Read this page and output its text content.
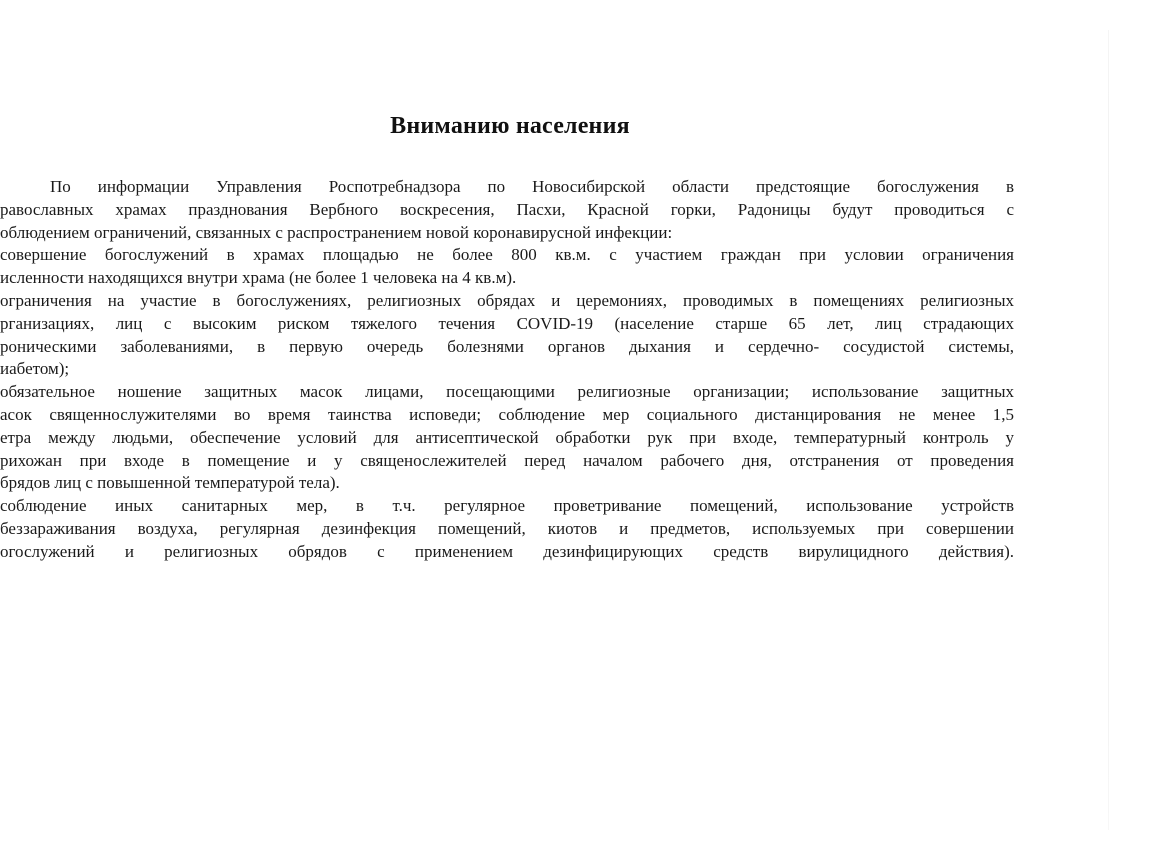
Вниманию населения
По информации Управления Роспотребнадзора по Новосибирской области предстоящие богослужения в
равославных храмах празднования Вербного воскресения, Пасхи, Красной горки, Радоницы будут проводиться с
облюдением ограничений, связанных с распространением новой коронавирусной инфекции:
совершение богослужений в храмах площадью не более 800 кв.м. с участием граждан при условии ограничения
исленности находящихся внутри храма (не более 1 человека на 4 кв.м).
ограничения на участие в богослужениях, религиозных обрядах и церемониях, проводимых в помещениях религиозных
рганизациях, лиц с высоким риском тяжелого течения COVID-19 (население старше 65 лет, лиц страдающих
роническими заболеваниями, в первую очередь болезнями органов дыхания и сердечно- сосудистой системы,
иабетом);
обязательное ношение защитных масок лицами, посещающими религиозные организации; использование защитных
асок священнослужителями во время таинства исповеди; соблюдение мер социального дистанцирования не менее 1,5
етра между людьми, обеспечение условий для антисептической обработки рук при входе, температурный контроль у
рихожан при входе в помещение и у священослежителей перед началом рабочего дня, отстранения от проведения
брядов лиц с повышенной температурой тела).
соблюдение иных санитарных мер, в т.ч. регулярное проветривание помещений, использование устройств
беззараживания воздуха, регулярная дезинфекция помещений, киотов и предметов, используемых при совершении
огослужений и религиозных обрядов с применением дезинфицирующих средств вирулицидного действия).
